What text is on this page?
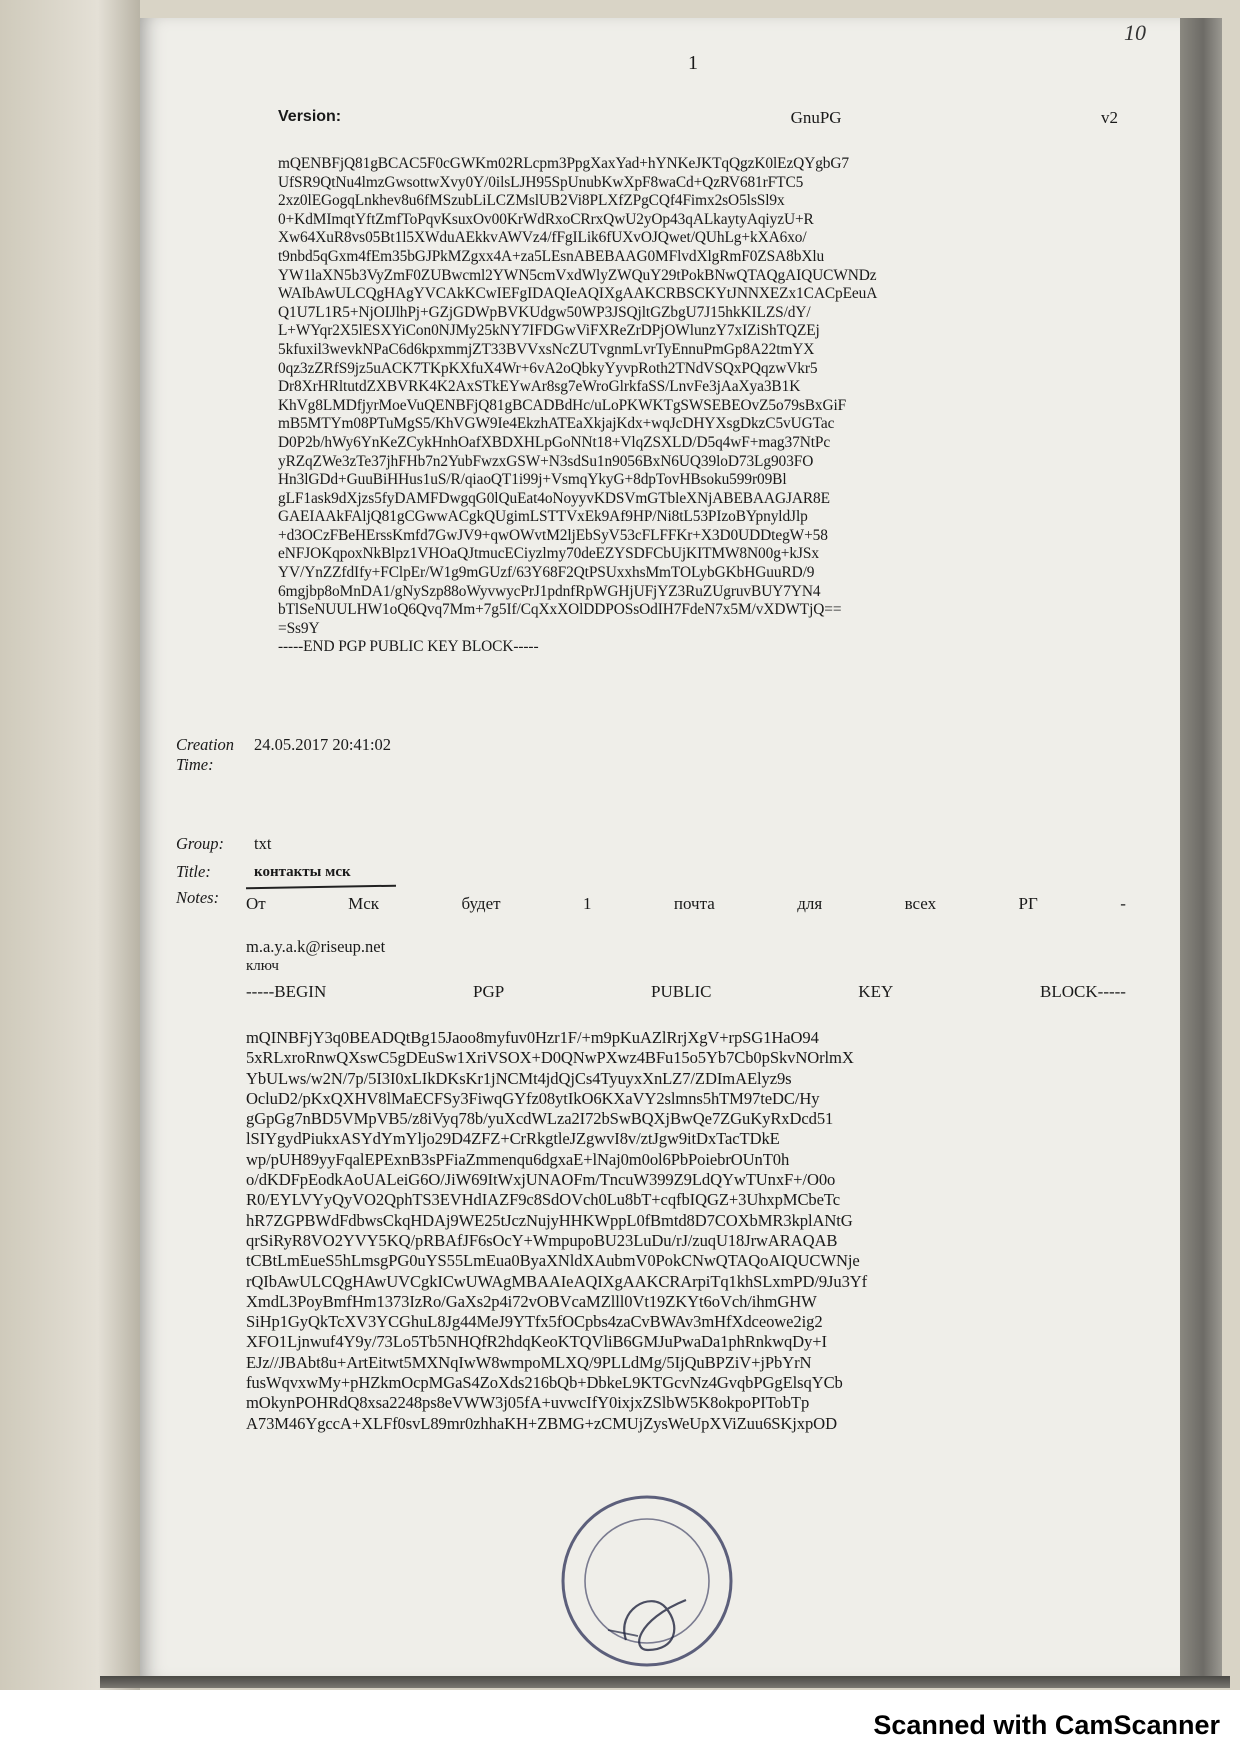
10
1
Version:	GnuPG	v2
mQENBFjQ81gBCAC5F0cGWKm02RLcpm3PpgXaxYad+hYNKeJKTqQgzK0lEzQYgbG7
UfSR9QtNu4lmzGwsottwXvy0Y/0ilsLJH95SpUnubKwXpF8waCd+QzRV681rFTC5
2xz0lEGogqLnkhev8u6fMSzubLiLCZMslUB2Vi8PLXfZPgCQf4Fimx2sO5lsSl9x
0+KdMImqtYftZmfToPqvKsuxOv00KrWdRxoCRrxQwU2yOp43qALkaytyAqiyzU+R
Xw64XuR8vs05Bt1l5XWduAEkkvAWVz4/fFgILik6fUXvOJQwet/QUhLg+kXA6xo/
t9nbd5qGxm4fEm35bGJPkMZgxx4A+za5LEsnABEBAAG0MFlvdXlgRmF0ZSA8bXlu
YW1laXN5b3VyZmF0ZUBwcml2YWN5cmVxdWlyZWQuY29tPokBNwQTAQgAIQUCWNDz
WAIbAwULCQgHAgYVCAkKCwIEFgIDAQIeAQIXgAAKCRBSCKYtJNNXEZx1CACpEeuA
Q1U7L1R5+NjOIJlhPj+GZjGDWpBVKUdgw50WP3JSQjltGZbgU7J15hkKILZS/dY/
L+WYqr2X5lESXYiCon0NJMy25kNY7IFDGwViFXReZrDPjOWlunzY7xIZiShTQZEj
5kfuxil3wevkNPaC6d6kpxmmjZT33BVVxsNcZUTvgnmLvrTyEnnuPmGp8A22tmYX
0qz3zZRfS9jz5uACK7TKpKXfuX4Wr+6vA2oQbkyYyvpRoth2TNdVSQxPQqzwVkr5
Dr8XrHRltutdZXBVRK4K2AxSTkEYwAr8sg7eWroGlrkfaSS/LnvFe3jAaXya3B1K
KhVg8LMDfjyrMoeVuQENBFjQ81gBCADBdHc/uLoPKWKTgSWSEBEOvZ5o79sBxGiF
mB5MTYm08PTuMgS5/KhVGW9Ie4EkzhATEaXkjajKdx+wqJcDHYXsgDkzC5vUGTac
D0P2b/hWy6YnKeZCykHnhOafXBDXHLpGoNNt18+VlqZSXLD/D5q4wF+mag37NtPc
yRZqZWe3zTe37jhFHb7n2YubFwzxGSW+N3sdSu1n9056BxN6UQ39loD73Lg903FO
Hn3lGDd+GuuBiHHus1uS/R/qiaoQT1i99j+VsmqYkyG+8dpTovHBsoku599r09Bl
gLF1ask9dXjzs5fyDAMFDwgqG0lQuEat4oNoyyvKDSVmGTbleXNjABEBAAGJAR8E
GAEIAAkFAljQ81gCGwwACgkQUgimLSTTVxEk9Af9HP/Ni8tL53PIzoBYpnyldJlp
+d3OCzFBeHErssKmfd7GwJV9+qwOWvtM2ljEbSyV53cFLFFKr+X3D0UDDtegW+58
eNFJOKqpoxNkBlpz1VHOaQJtmucECiyzlmy70deEZYSDFCbUjKITMW8N00g+kJSx
YV/YnZZfdIfy+FClpEr/W1g9mGUzf/63Y68F2QtPSUxxhsMmTOLybGKbHGuuRD/9
6mgjbp8oMnDA1/gNySzp88oWyvwycPrJ1pdnfRpWGHjUFjYZ3RuZUgruvBUY7YN4
bTlSeNUULHW1oQ6Qvq7Mm+7g5If/CqXxXOlDDPOSsOdIH7FdeN7x5M/vXDWTjQ==
=Ss9Y
-----END PGP PUBLIC KEY BLOCK-----
Creation
Time:
24.05.2017 20:41:02
Group: txt
Title:	контакты мск
Notes: От	Мск	будет	1	почта	для	всех	РГ	-
m.a.y.a.k@riseup.net
ключ
-----BEGIN	PGP	PUBLIC	KEY	BLOCK-----
mQINBFjY3q0BEADQtBg15Jaoo8myfuv0Hzr1F/+m9pKuAZlRrjXgV+rpSG1HaO94
5xRLxroRnwQXswC5gDEuSw1XriVSOX+D0QNwPXwz4BFu15o5Yb7Cb0pSkvNOrlmX
YbULws/w2N/7p/5I3I0xLIkDKsKr1jNCMt4jdQjCs4TyuyxXnLZ7/ZDImAElyz9s
OcluD2/pKxQXHV8lMaECFSy3FiwqGYfz08ytIkO6KXaVY2slmns5hTM97teDC/Hy
gGpGg7nBD5VMpVB5/z8iVyq78b/yuXcdWLza2I72bSwBQXjBwQe7ZGuKyRxDcd51
lSIYgydPiukxASYdYmYljo29D4ZFZ+CrRkgtleJZgwvI8v/ztJgw9itDxTacTDkE
wp/pUH89yyFqalEPExnB3sPFiaZmmenqu6dgxaE+lNaj0m0ol6PbPoiebrOUnT0h
o/dKDFpEodkAoUALeiG6O/JiW69ItWxjUNAOFm/TncuW399Z9LdQYwTUnxF+/O0o
R0/EYLVYyQyVO2QphTS3EVHdIAZF9c8SdOVch0Lu8bT+cqfbIQGZ+3UhxpMCbeTc
hR7ZGPBWdFdbwsCkqHDAj9WE25tJczNujyHHKWppL0fBmtd8D7COXbMR3kplANtG
qrSiRyR8VO2YVY5KQ/pRBAfJF6sOcY+WmpupoBU23LuDu/rJ/zuqU18JrwARAQAB
tCBtLmEueS5hLmsgPG0uYS55LmEua0ByaXNldXAubmV0PokCNwQTAQoAIQUCWNje
rQIbAwULCQgHAwUVCgkICwUWAgMBAAIeAQIXgAAKCRArpiTq1khSLxmPD/9Ju3Yf
XmdL3PoyBmfHm1373IzRo/GaXs2p4i72vOBVcaMZlll0Vt19ZKYt6oVch/ihmGHW
SiHp1GyQkTcXV3YCGhuL8Jg44MeJ9YTfx5fOCpbs4zaCvBWAv3mHfXdceowe2ig2
XFO1Ljnwuf4Y9y/73Lo5Tb5NHQfR2hdqKeoKTQVliB6GMJuPwaDa1phRnkwqDy+I
EJz//JBAbt8u+ArtEitwt5MXNqIwW8wmpoMLXQ/9PLLdMg/5IjQuBPZiV+jPbYrN
fusWqvxwMy+pHZkmOcpMGaS4ZoXds216bQb+DbkeL9KTGcvNz4GvqbPGgElsqYCb
mOkynPOHRdQ8xsa2248ps8eVWW3j05fA+uvwcIfY0ixjxZSlbW5K8okpoPITobTp
A73M46YgccA+XLFf0svL89mr0zhhaKH+ZBMG+zCMUjZysWeUpXViZuu6SKjxpOD
Scanned with CamScanner
